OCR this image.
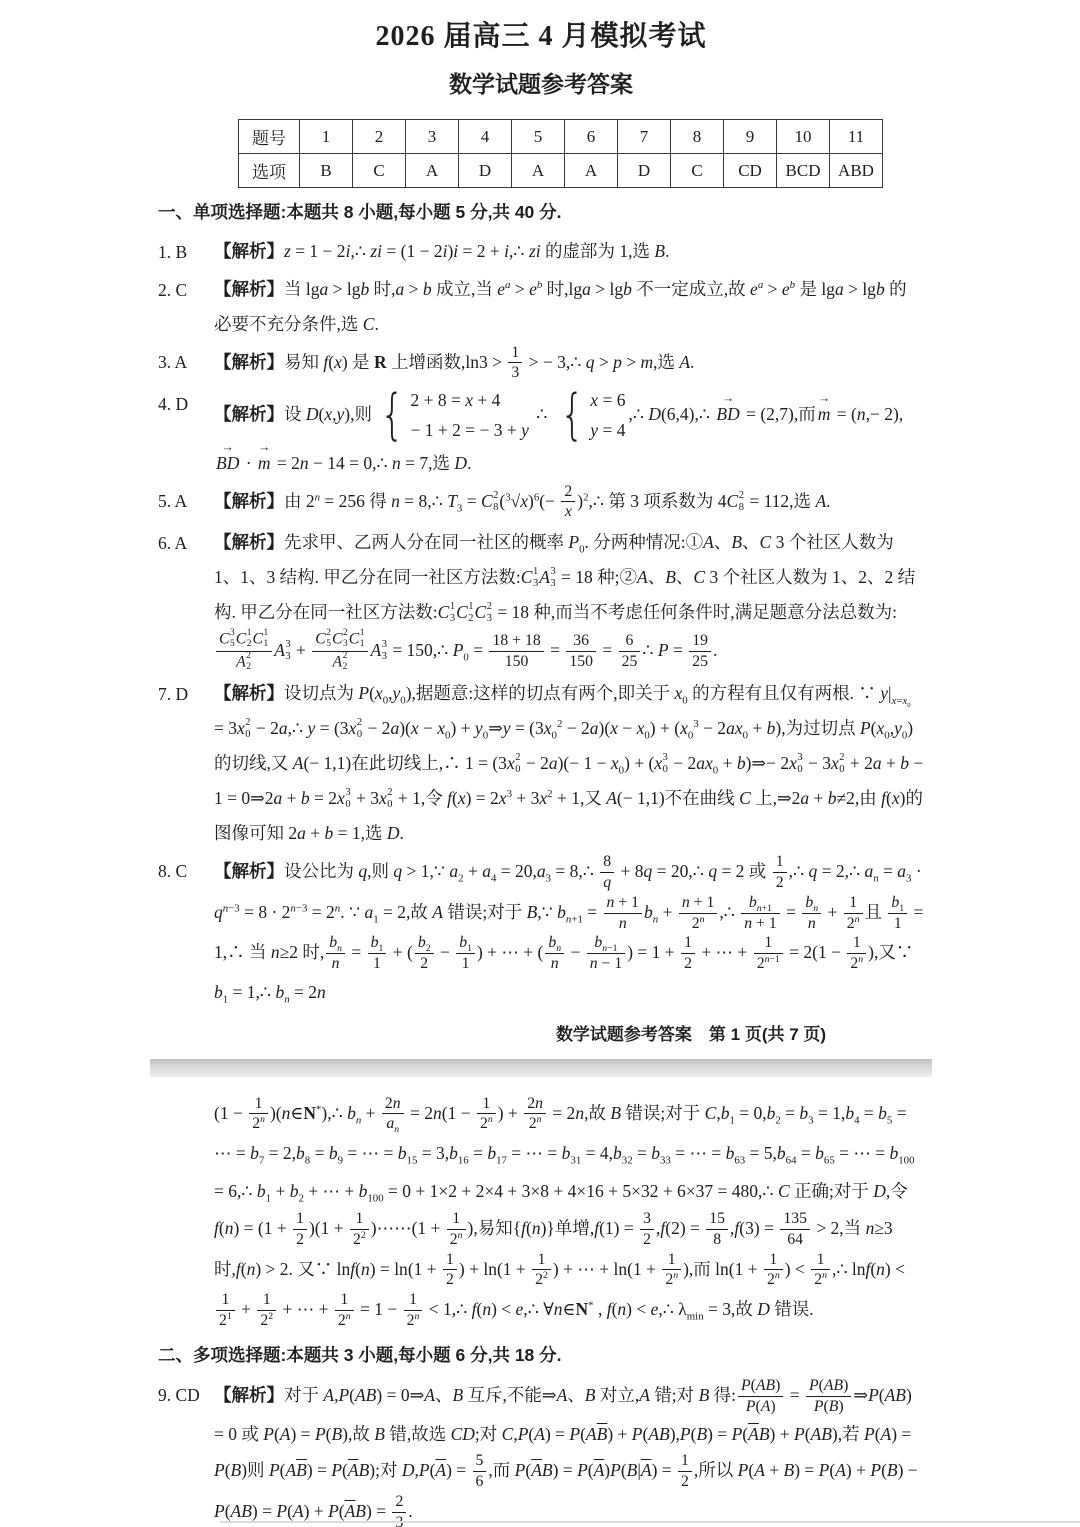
2026 届高三 4 月模拟考试
数学试题参考答案
题号	1	2	3	4	5	6	7	8	9	10	11
选项	B	C	A	D	A	A	D	C	CD	BCD	ABD
一、单项选择题:本题共 8 小题,每小题 5 分,共 40 分.
1. B	【解析】z = 1 − 2i,∴ zi = (1 − 2i)i = 2 + i,∴ zi 的虚部为 1,选 B.
2. C	【解析】当 lga > lgb 时,a > b 成立,当 $e^a > e^b$ 时,lga > lgb 不一定成立,故 $e^a > e^b$ 是 lga > lgb 的必要不充分条件,选 C.
3. A	【解析】易知 f(x) 是 R 上增函数$,\ln 3 > \frac{1}{3}$ > − 3,∴ q > p > m,选 A.
4. D	【解析】设 D(x,y),则 { 2 + 8 = x + 4
− 1 + 2 = − 3 + y
∴ { x = 6
y = 4
,∴ D(6,4),∴ BD → = (2,7),而 m → = (n,− 2),BD → · m → = 2n − 14 = 0,∴ n = 7,选 D.
5. A	【解析】由 $2^n = 256$ 得 n = 8,∴ $T_3 = C$ 2
8 $(^3√x)^6(- \frac{2}{x}$ )$^2,\therefore$ 第 3 项系数为 4C 2
8 = 112,选 A.
6. A	【解析】先求甲、乙两人分在同一社区的概率 $P_0$. 分两种情况:①A、B、C 3 个社区人数为 1、1、3 结构. 甲乙分在同一社区方法数:C 1
3 A 3
3 = 18 种;②A、B、C 3 个社区人数为 1、2、2 结构. 甲乙分在同一社区方法数:C 1
3 C 1
2 C 2
3 = 18 种,而当不考虑任何条件时,满足题意分法总数为:
C 3
5 C 1
2 C 1
1
A 2
2 A 3
3 + C 2
5 C 2
3 C 1
1
A 2
2 A 3
3 = 150,∴ $P_0 = \frac{18 + 18}{150} = \frac{36}{150} = \frac{6}{25}$ ∴ $P = \frac{19}{25}$ .
7. D	【解析】设切点为 $P(x_0,y_0)$,据题意:这样的切点有两个,即关于 $x_0$ 的方程有且仅有两根. ∵ $y|_{x=x_0} = 3x$ 2
0 − 2a,∴ y = (3x 2
$0 - 2a)(x - x_0)$ + $y_0\Rightarrow y = (3x_0^2 - 2a)(x - x_0) + (x_0^3 - 2ax_0 + b)$,为过切点 $P(x_0,y_0)$的切线,又 A(− 1,1)在此切线上,∴ 1 = (3x 2
$0 - 2a)(- 1 - x_0) + (x$ 3
$0 - 2ax_0$ + b)⇒− 2x 3
0 − 3x 2
0 + 2a + b − 1 = 0⇒2a + b = 2x 3
0 + 3x 2
0 + 1,令 $f(x) = 2x^3 + 3x^2 + 1$,又 A(− 1,1)不在曲线 C 上,⇒2a + b≠2,由 f(x)的图像可知 2a + b = 1,选 D.
8. C	【解析】设公比为 q,则 q > 1,∵ $a_2 + a_4 = 20,a_3$ = 8,∴ $\frac{8}{q} + 8q$ = 20,∴ q = 2 或 $\frac{1}{2}$ ,∴ q = 2,∴ $a_n = a_3 \cdot q^{n-3} = 8 \cdot 2^{n-3} = 2^n$. ∵ $a_1 = 2$,故 A 错误;对于 B,∵ $b_{n+1} = \frac{n + 1}{n} b_n + \frac{n + 1}{2^n}$ ,∴ $\frac{b_{n+1}}{n + 1} = \frac{b_n}{n} + \frac{1}{2^n}$ 且 $\frac{b_1}{1}$ = 1,∴ 当 n≥2 时, $\frac{b_n}{n} = \frac{b_1}{1}$ + ( $\frac{b_2}{2} - \frac{b_1}{1}$ ) + ⋯ + ( $\frac{b_n}{n} - \frac{b_{n-1}}{n - 1}$ ) = $1 + \frac{1}{2}$ + ⋯ + $\frac{1}{2^{n-1}} = 2(1 - \frac{1}{2^n}$ ),又∵ $b_1$ = 1,∴ $b_n = 2n$
数学试题参考答案　第 1 页(共 7 页)
($1 - \frac{1}{2^n}$ )(n∈N*),∴ $b_n + \frac{2n}{a_n} = 2n(1 - \frac{1}{2^n}$ ) + $\frac{2n}{2^n} = 2n$,故 B 错误;对于 $C,b_1 = 0,b_2 = b_3 = 1,b_4 = b_5$ = ⋯ = $b_7 = 2,b_8 = b_9$ = ⋯ = $b_{15} = 3,b_{16} = b_{17}$ = ⋯ = $b_{31} = 4,b_{32} = b_{33}$ = ⋯ = $b_{63} = 5,b_{64} = b_{65}$ = ⋯ = $b_{100}$ = 6,∴ $b_1 + b_2$ + ⋯ + $b_{100} = 0 + 1\times 2 + 2\times 4 + 3\times 8 + 4\times 16 + 5\times 32 + 6\times 37$ = 480,∴ C 正确;对于 D,令 $f(n) = (1 + \frac{1}{2} )(1 + \frac{1}{2^2}$ )⋯⋯(1 + $\frac{1}{2^n}$ ),易知{f(n)}单增$,f(1) = \frac{3}{2} ,f(2) = \frac{15}{8} ,f(3) = \frac{135}{64} > 2$,当 n≥3 时,f(n) > 2. 又∵ $\ln f(n) = \ln(1 + \frac{1}{2}$ ) + $\ln(1 + \frac{1}{2^2}$ ) + ⋯ + $\ln(1 + \frac{1}{2^n}$ ),而 $\ln(1 + \frac{1}{2^n}$ ) < $\frac{1}{2^n}$ ,∴ lnf(n) <
$\frac{1}{2^1} + \frac{1}{2^2}$ + ⋯ + $\frac{1}{2^n} = 1 - \frac{1}{2^n}$ < 1,∴ f(n) < e,∴ ∀n∈N* , f(n) < e,∴ $\lambda_{min} = 3$,故 D 错误.
二、多项选择题:本题共 3 小题,每小题 6 分,共 18 分.
9. CD 【解析】对于 A,P(AB) = 0⇒A、B 互斥,不能⇒A、B 对立,A 错;对 B 得: $\frac{P(AB)}{P(A)} = \frac{P(AB)}{P(B)}$ ⇒P(AB) = 0 或 P(A) = P(B),故 B 错,故选 CD;对 $C,P(A) = P(A\overline{B}) + P(AB),P(B) = P(\overline{A}B) + P(AB)$,若 P(A) = P(B)则 $P(A\overline{B}) = P(\overline{A}B)$;对 $D,P(\overline{A}) = \frac{5}{6}$ ,而 $P(\overline{A}B) = P(\overline{A})P(B|\overline{A}) = \frac{1}{2}$ ,所以 $P(A + B) = P(A) + P(B) - P(AB) = P(A) + P(\overline{A}B) = 2$ .
